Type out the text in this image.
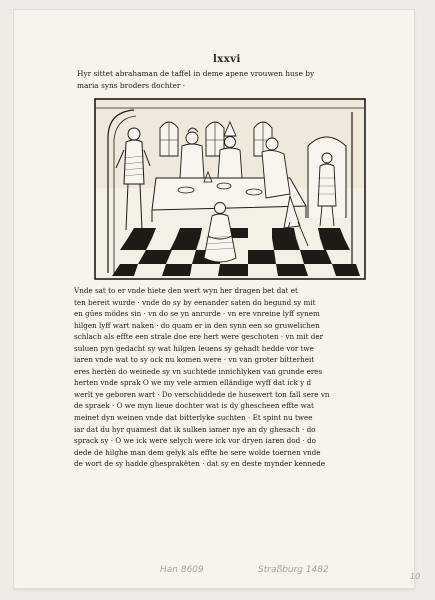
lxxvi
Hyr sittet abrahaman de taffel in deme apene vrouwen huse by
maria syns broders dochter ·
Vnde sat to er vnde hiete den wert wyn her dragen bet dat et
ten bereit wurde · vnde do sy by eenander saten do begund sy mit
en gūes mödes sin · vn do se yn anrurde · vn ere vnreine lyff synem
hilgen lyff wart naken · do quam er in den synn een so gruwelichen
schlach als effte een strale doe ere hert were geschoten · vn mit der
suluen pyn gedacht sy wat hilgen leuens sy gehadt hedde vor twe
iaren vnde wat to sy ock nu komen were · vn van groter bitterheit
eres hertèn do weinede sy vn suchtede innichlyken van grunde eres
herten vnde sprak O we my vele armen elländige wyff dat ick y d
werlt ye geboren wart · Do verschüddede de husewert ton fall sere vn
de spraek · O we myn lieue dochter wat is dy ghescheen effte wat
meinet dyn weinen vnde dat bitterlyke suchten · Et spint nu twee
iar dat du hyr quamest dat ik sulken iamer nye an dy ghesach · do
sprack sy · O we ick were selych were ick vor dryen iaren dod · do
dede de hilghe man dem gelyk als effte he sere wolde toernen vnde
de wort de sy hadde ghesprakëten · dat sy en deste mynder kennede
Han 8609	Straßburg 1482
10
